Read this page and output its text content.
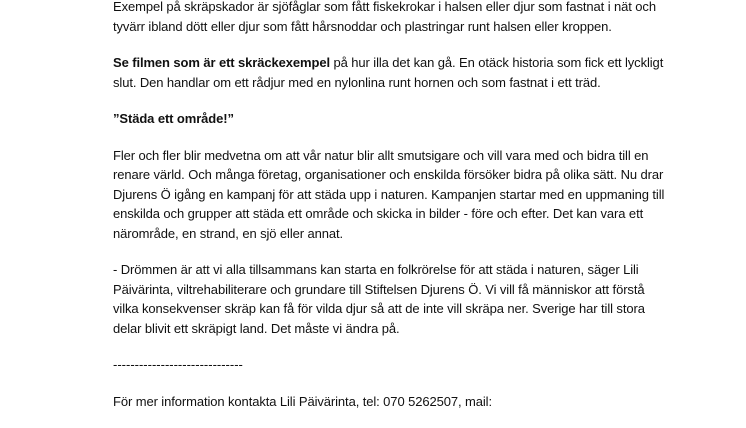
Exempel på skräpskador är sjöfåglar som fått fiskekrokar i halsen eller djur som fastnat i nät och tyvärr ibland dött eller djur som fått hårsnoddar och plastringar runt halsen eller kroppen.

Se filmen som är ett skräckexempel på hur illa det kan gå. En otäck historia som fick ett lyckligt slut. Den handlar om ett rådjur med en nylonlina runt hornen och som fastnat i ett träd.

”Städa ett område!”

Fler och fler blir medvetna om att vår natur blir allt smutsigare och vill vara med och bidra till en renare värld. Och många företag, organisationer och enskilda försöker bidra på olika sätt. Nu drar Djurens Ö igång en kampanj för att städa upp i naturen. Kampanjen startar med en uppmaning till enskilda och grupper att städa ett område och skicka in bilder - före och efter. Det kan vara ett närområde, en strand, en sjö eller annat.

- Drömmen är att vi alla tillsammans kan starta en folkrörelse för att städa i naturen, säger Lili Päivärinta, viltrehabiliterare och grundare till Stiftelsen Djurens Ö. Vi vill få människor att förstå vilka konsekvenser skräp kan få för vilda djur så att de inte vill skräpa ner. Sverige har till stora delar blivit ett skräpigt land. Det måste vi ändra på.

------------------------------

För mer information kontakta Lili Päivärinta, tel: 070 5262507, mail:
